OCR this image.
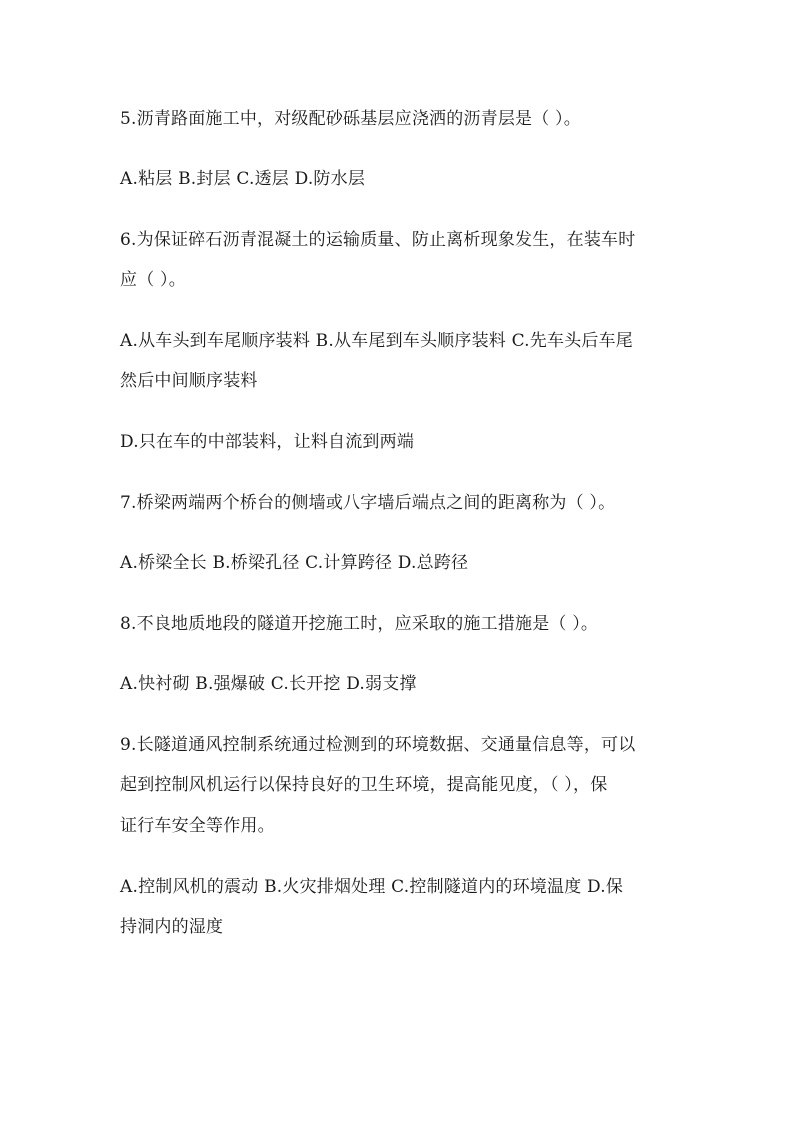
5.沥青路面施工中，对级配砂砾基层应浇洒的沥青层是（ ）。
A.粘层 B.封层 C.透层 D.防水层
6.为保证碎石沥青混凝土的运输质量、防止离析现象发生，在装车时
应（ ）。
A.从车头到车尾顺序装料 B.从车尾到车头顺序装料 C.先车头后车尾
然后中间顺序装料
D.只在车的中部装料，让料自流到两端
7.桥梁两端两个桥台的侧墙或八字墙后端点之间的距离称为（ ）。
A.桥梁全长 B.桥梁孔径 C.计算跨径 D.总跨径
8.不良地质地段的隧道开挖施工时，应采取的施工措施是（ ）。
A.快衬砌 B.强爆破 C.长开挖 D.弱支撑
9.长隧道通风控制系统通过检测到的环境数据、交通量信息等，可以
起到控制风机运行以保持良好的卫生环境，提高能见度，（ ），保
证行车安全等作用。
A.控制风机的震动 B.火灾排烟处理 C.控制隧道内的环境温度 D.保
持洞内的湿度
